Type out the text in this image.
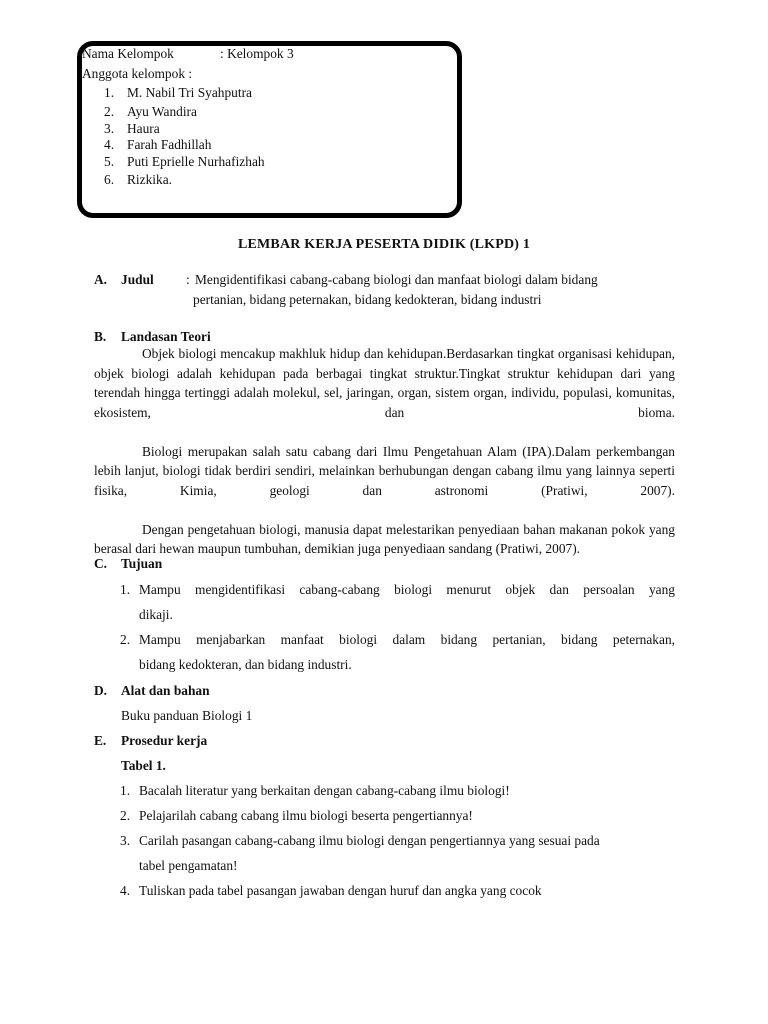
Nama Kelompok	: Kelompok 3
Anggota kelompok :
1. M. Nabil Tri Syahputra
2. Ayu Wandira
3. Haura
4. Farah Fadhillah
5. Puti Eprielle Nurhafizhah
6. Rizkika.
LEMBAR KERJA PESERTA DIDIK (LKPD) 1
A. Judul : Mengidentifikasi cabang-cabang biologi dan manfaat biologi dalam bidang
pertanian, bidang peternakan, bidang kedokteran, bidang industri
B. Landasan Teori

Objek biologi mencakup makhluk hidup dan kehidupan.Berdasarkan tingkat organisasi kehidupan, objek biologi adalah kehidupan pada berbagai tingkat struktur.Tingkat struktur kehidupan dari yang terendah hingga tertinggi adalah molekul, sel, jaringan, organ, sistem organ, individu, populasi, komunitas, ekosistem, dan bioma.

Biologi merupakan salah satu cabang dari Ilmu Pengetahuan Alam (IPA).Dalam perkembangan lebih lanjut, biologi tidak berdiri sendiri, melainkan berhubungan dengan cabang ilmu yang lainnya seperti fisika, Kimia, geologi dan astronomi (Pratiwi, 2007).

Dengan pengetahuan biologi, manusia dapat melestarikan penyediaan bahan makanan pokok yang berasal dari hewan maupun tumbuhan, demikian juga penyediaan sandang (Pratiwi, 2007).

C. Tujuan
1. Mampu mengidentifikasi cabang-cabang biologi menurut objek dan persoalan yang
dikaji.
2. Mampu menjabarkan manfaat biologi dalam bidang pertanian, bidang peternakan,
bidang kedokteran, dan bidang industri.
D. Alat dan bahan
Buku panduan Biologi 1
E. Prosedur kerja
Tabel 1.
1. Bacalah literatur yang berkaitan dengan cabang-cabang ilmu biologi!
2. Pelajarilah cabang cabang ilmu biologi beserta pengertiannya!
3. Carilah pasangan cabang-cabang ilmu biologi dengan pengertiannya yang sesuai pada
tabel pengamatan!
4. Tuliskan pada tabel pasangan jawaban dengan huruf dan angka yang cocok
